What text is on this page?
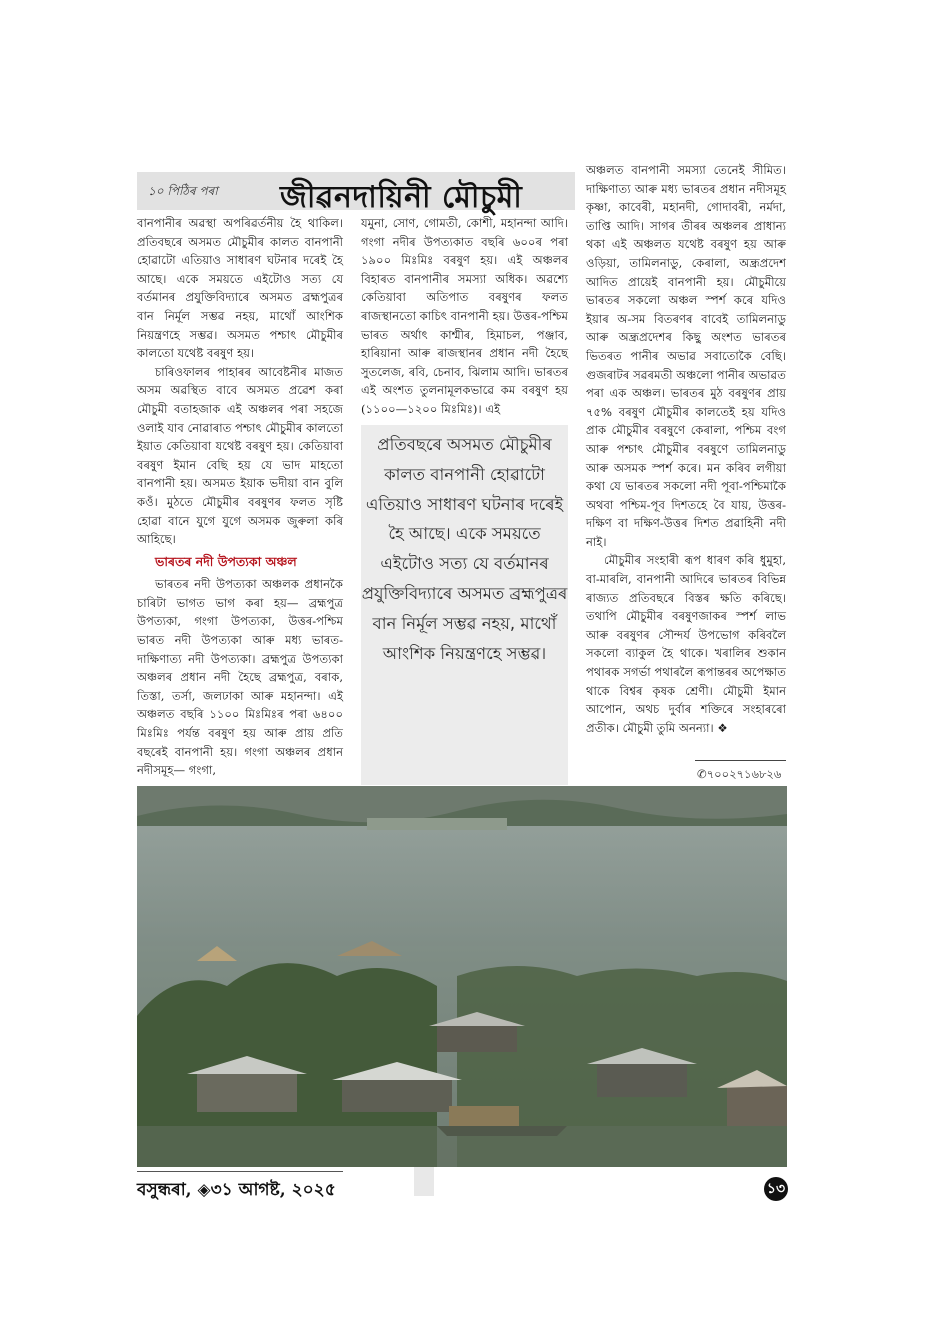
১০ পিঠিৰ পৰা জীৱনদায়িনী মৌচুমী

বানপানীৰ অৱস্থা অপৰিৱৰ্তনীয় হৈ থাকিল। প্ৰতিবছৰে অসমত মৌচুমীৰ কালত বানপানী হোৱাটো এতিয়াও সাধাৰণ ঘটনাৰ দৰেই হৈ আছে। একে সময়তে এইটোও সত্য যে বৰ্তমানৰ প্ৰযুক্তিবিদ্যাৰে অসমত ব্ৰহ্মপুত্ৰৰ বান নিৰ্মূল সম্ভৱ নহয়, মাথোঁ আংশিক নিয়ন্ত্ৰণহে সম্ভৱ। অসমত পশ্চাৎ মৌচুমীৰ কালতো যথেষ্ট বৰষুণ হয়।

চাৰিওফালৰ পাহাৰৰ আবেষ্টনীৰ মাজত অসম অৱস্থিত বাবে অসমত প্ৰৱেশ কৰা মৌচুমী বতাহজাক এই অঞ্চলৰ পৰা সহজে ওলাই যাব নোৱাৰাত পশ্চাৎ মৌচুমীৰ কালতো ইয়াত কেতিয়াবা যথেষ্ট বৰষুণ হয়। কেতিয়াবা বৰষুণ ইমান বেছি হয় যে ভাদ মাহতো বানপানী হয়। অসমত ইয়াক ভদীয়া বান বুলি কওঁ। মুঠতে মৌচুমীৰ বৰষুণৰ ফলত সৃষ্টি হোৱা বানে যুগে যুগে অসমক জুৰুলা কৰি আহিছে।

ভাৰতৰ নদী উপত্যকা অঞ্চল

ভাৰতৰ নদী উপত্যকা অঞ্চলক প্ৰধানকৈ চাৰিটা ভাগত ভাগ কৰা হয়— ব্ৰহ্মপুত্ৰ উপত্যকা, গংগা উপত্যকা, উত্তৰ-পশ্চিম ভাৰত নদী উপত্যকা আৰু মধ্য ভাৰত-দাক্ষিণাত্য নদী উপত্যকা। ব্ৰহ্মপুত্ৰ উপত্যকা অঞ্চলৰ প্ৰধান নদী হৈছে ব্ৰহ্মপুত্ৰ, বৰাক, তিস্তা, তৰ্সা, জলঢাকা আৰু মহানন্দা। এই অঞ্চলত বছৰি ১১০০ মিঃমিঃৰ পৰা ৬৪০০ মিঃমিঃ পৰ্যন্ত বৰষুণ হয় আৰু প্ৰায় প্ৰতি বছৰেই বানপানী হয়। গংগা অঞ্চলৰ প্ৰধান নদীসমূহ— গংগা,

যমুনা, সোণ, গোমতী, কোশী, মহানন্দা আদি। গংগা নদীৰ উপত্যকাত বছৰি ৬০০ৰ পৰা ১৯০০ মিঃমিঃ বৰষুণ হয়। এই অঞ্চলৰ বিহাৰত বানপানীৰ সমস্যা অধিক। অৱশ্যে কেতিয়াবা অতিপাত বৰষুণৰ ফলত ৰাজস্থানতো কাচিৎ বানপানী হয়। উত্তৰ-পশ্চিম ভাৰত অৰ্থাৎ কাশ্মীৰ, হিমাচল, পঞ্জাব, হাৰিয়ানা আৰু ৰাজস্থানৰ প্ৰধান নদী হৈছে সুতলেজ, ৰবি, চেনাব, ঝিলাম আদি। ভাৰতৰ এই অংশত তুলনামূলকভাৱে কম বৰষুণ হয় (১১০০—১২০০ মিঃমিঃ)। এই

প্ৰতিবছৰে অসমত মৌচুমীৰ কালত বানপানী হোৱাটো এতিয়াও সাধাৰণ ঘটনাৰ দৰেই হৈ আছে। একে সময়তে এইটোও সত্য যে বৰ্তমানৰ প্ৰযুক্তিবিদ্যাৰে অসমত ব্ৰহ্মপুত্ৰৰ বান নিৰ্মূল সম্ভৱ নহয়, মাথোঁ আংশিক নিয়ন্ত্ৰণহে সম্ভৱ।

অঞ্চলত বানপানী সমস্যা তেনেই সীমিত। দাক্ষিণাত্য আৰু মধ্য ভাৰতৰ প্ৰধান নদীসমূহ কৃষ্ণা, কাবেৰী, মহানদী, গোদাবৰী, নৰ্মদা, তাপ্তি আদি। সাগৰ তীৰৰ অঞ্চলৰ প্ৰাধান্য থকা এই অঞ্চলত যথেষ্ট বৰষুণ হয় আৰু ওড়িয়া, তামিলনাডু, কেৰালা, অন্ধ্ৰপ্ৰদেশ আদিত প্ৰায়েই বানপানী হয়। মৌচুমীয়ে ভাৰতৰ সকলো অঞ্চল স্পৰ্শ কৰে যদিও ইয়াৰ অ-সম বিতৰণৰ বাবেই তামিলনাডু আৰু অন্ধ্ৰপ্ৰদেশৰ কিছু অংশত ভাৰতৰ ভিতৰত পানীৰ অভাৱ সবাতোকৈ বেছি। গুজৰাটৰ সৱৰমতী অঞ্চলো পানীৰ অভাৱত পৰা এক অঞ্চল। ভাৰতৰ মুঠ বৰষুণৰ প্ৰায় ৭৫% বৰষুণ মৌচুমীৰ কালতেই হয় যদিও প্ৰাক মৌচুমীৰ বৰষুণে কেৰালা, পশ্চিম বংগ আৰু পশ্চাৎ মৌচুমীৰ বৰষুণে তামিলনাডু আৰু অসমক স্পৰ্শ কৰে। মন কৰিব লগীয়া কথা যে ভাৰতৰ সকলো নদী পূবা-পশ্চিমাকৈ অথবা পশ্চিম-পূব দিশতহে বৈ যায়, উত্তৰ-দক্ষিণ বা দক্ষিণ-উত্তৰ দিশত প্ৰৱাহিনী নদী নাই।

মৌচুমীৰ সংহাৰী ৰূপ ধাৰণ কৰি ধুমুহা, বা-মাৰলি, বানপানী আদিৰে ভাৰতৰ বিভিন্ন ৰাজ্যত প্ৰতিবছৰে বিস্তৰ ক্ষতি কৰিছে। তথাপি মৌচুমীৰ বৰষুণজাকৰ স্পৰ্শ লাভ আৰু বৰষুণৰ সৌন্দৰ্য উপভোগ কৰিবলৈ সকলো ব্যাকুল হৈ থাকে। খৰালিৰ শুকান পথাৰক সগৰ্ভা পথাৰলৈ ৰূপান্তৰৰ অপেক্ষাত থাকে বিশ্বৰ কৃষক শ্ৰেণী। মৌচুমী ইমান আপোন, অথচ দুৰ্বাৰ শক্তিৰে সংহাৰৰো প্ৰতীক। মৌচুমী তুমি অনন্যা। ❖

✆৭০০২৭১৬৮২৬
বসুন্ধৰা, ◈৩১ আগষ্ট, ২০২৫	১৩
